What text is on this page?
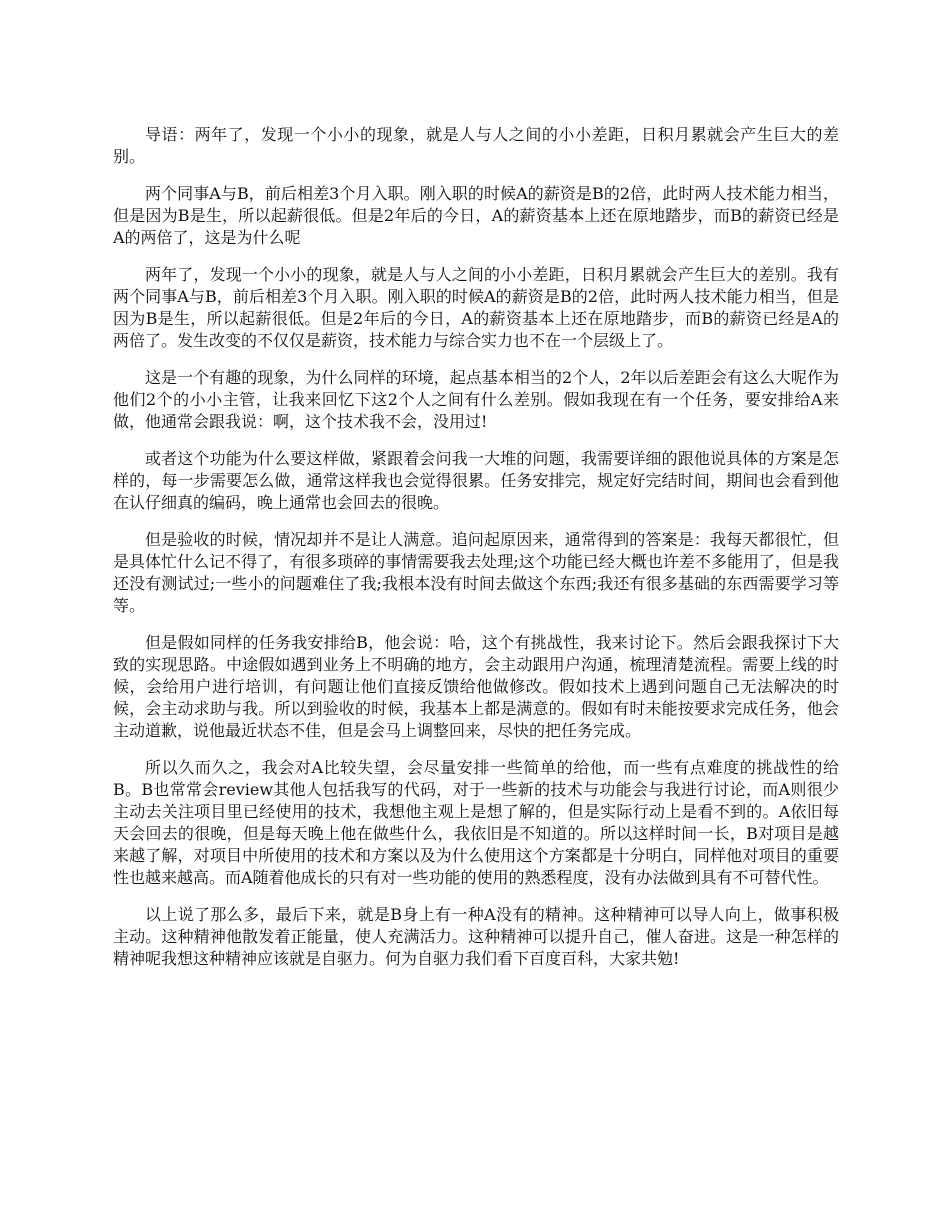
导语：两年了，发现一个小小的现象，就是人与人之间的小小差距，日积月累就会产生巨大的差别。

两个同事A与B，前后相差3个月入职。刚入职的时候A的薪资是B的2倍，此时两人技术能力相当，但是因为B是生，所以起薪很低。但是2年后的今日，A的薪资基本上还在原地踏步，而B的薪资已经是A的两倍了，这是为什么呢

两年了，发现一个小小的现象，就是人与人之间的小小差距，日积月累就会产生巨大的差别。我有两个同事A与B，前后相差3个月入职。刚入职的时候A的薪资是B的2倍，此时两人技术能力相当，但是因为B是生，所以起薪很低。但是2年后的今日，A的薪资基本上还在原地踏步，而B的薪资已经是A的两倍了。发生改变的不仅仅是薪资，技术能力与综合实力也不在一个层级上了。

这是一个有趣的现象，为什么同样的环境，起点基本相当的2个人，2年以后差距会有这么大呢作为他们2个的小小主管，让我来回忆下这2个人之间有什么差别。假如我现在有一个任务，要安排给A来做，他通常会跟我说：啊，这个技术我不会，没用过!

或者这个功能为什么要这样做，紧跟着会问我一大堆的问题，我需要详细的跟他说具体的方案是怎样的，每一步需要怎么做，通常这样我也会觉得很累。任务安排完，规定好完结时间，期间也会看到他在认仔细真的编码，晚上通常也会回去的很晚。

但是验收的时候，情况却并不是让人满意。追问起原因来，通常得到的答案是：我每天都很忙，但是具体忙什么记不得了，有很多琐碎的事情需要我去处理;这个功能已经大概也许差不多能用了，但是我还没有测试过;一些小的问题难住了我;我根本没有时间去做这个东西;我还有很多基础的东西需要学习等等。

但是假如同样的任务我安排给B，他会说：哈，这个有挑战性，我来讨论下。然后会跟我探讨下大致的实现思路。中途假如遇到业务上不明确的地方，会主动跟用户沟通，梳理清楚流程。需要上线的时候，会给用户进行培训，有问题让他们直接反馈给他做修改。假如技术上遇到问题自己无法解决的时候，会主动求助与我。所以到验收的时候，我基本上都是满意的。假如有时未能按要求完成任务，他会主动道歉，说他最近状态不佳，但是会马上调整回来，尽快的把任务完成。

所以久而久之，我会对A比较失望，会尽量安排一些简单的给他，而一些有点难度的挑战性的给B。B也常常会review其他人包括我写的代码，对于一些新的技术与功能会与我进行讨论，而A则很少主动去关注项目里已经使用的技术，我想他主观上是想了解的，但是实际行动上是看不到的。A依旧每天会回去的很晚，但是每天晚上他在做些什么，我依旧是不知道的。所以这样时间一长，B对项目是越来越了解，对项目中所使用的技术和方案以及为什么使用这个方案都是十分明白，同样他对项目的重要性也越来越高。而A随着他成长的只有对一些功能的使用的熟悉程度，没有办法做到具有不可替代性。

以上说了那么多，最后下来，就是B身上有一种A没有的精神。这种精神可以导人向上，做事积极主动。这种精神他散发着正能量，使人充满活力。这种精神可以提升自己，催人奋进。这是一种怎样的精神呢我想这种精神应该就是自驱力。何为自驱力我们看下百度百科，大家共勉!
